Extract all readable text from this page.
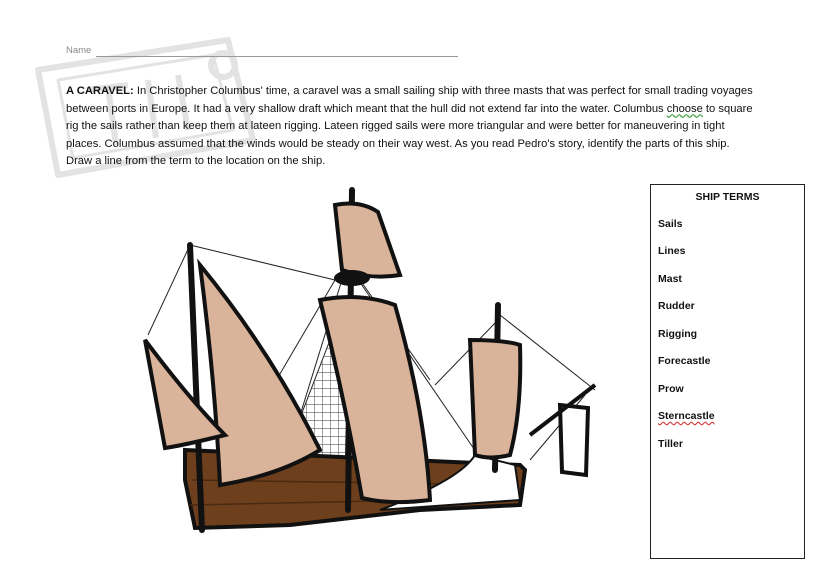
Name
A CARAVEL: In Christopher Columbus' time, a caravel was a small sailing ship with three masts that was perfect for small trading voyages between ports in Europe. It had a very shallow draft which meant that the hull did not extend far into the water. Columbus choose to square rig the sails rather than keep them at lateen rigging. Lateen rigged sails were more triangular and were better for maneuvering in tight places. Columbus assumed that the winds would be steady on their way west. As you read Pedro's story, identify the parts of this ship. Draw a line from the term to the location on the ship.
SHIP TERMS
Sails
Lines
Mast
Rudder
Rigging
Forecastle
Prow
Sterncastle
Tiller
